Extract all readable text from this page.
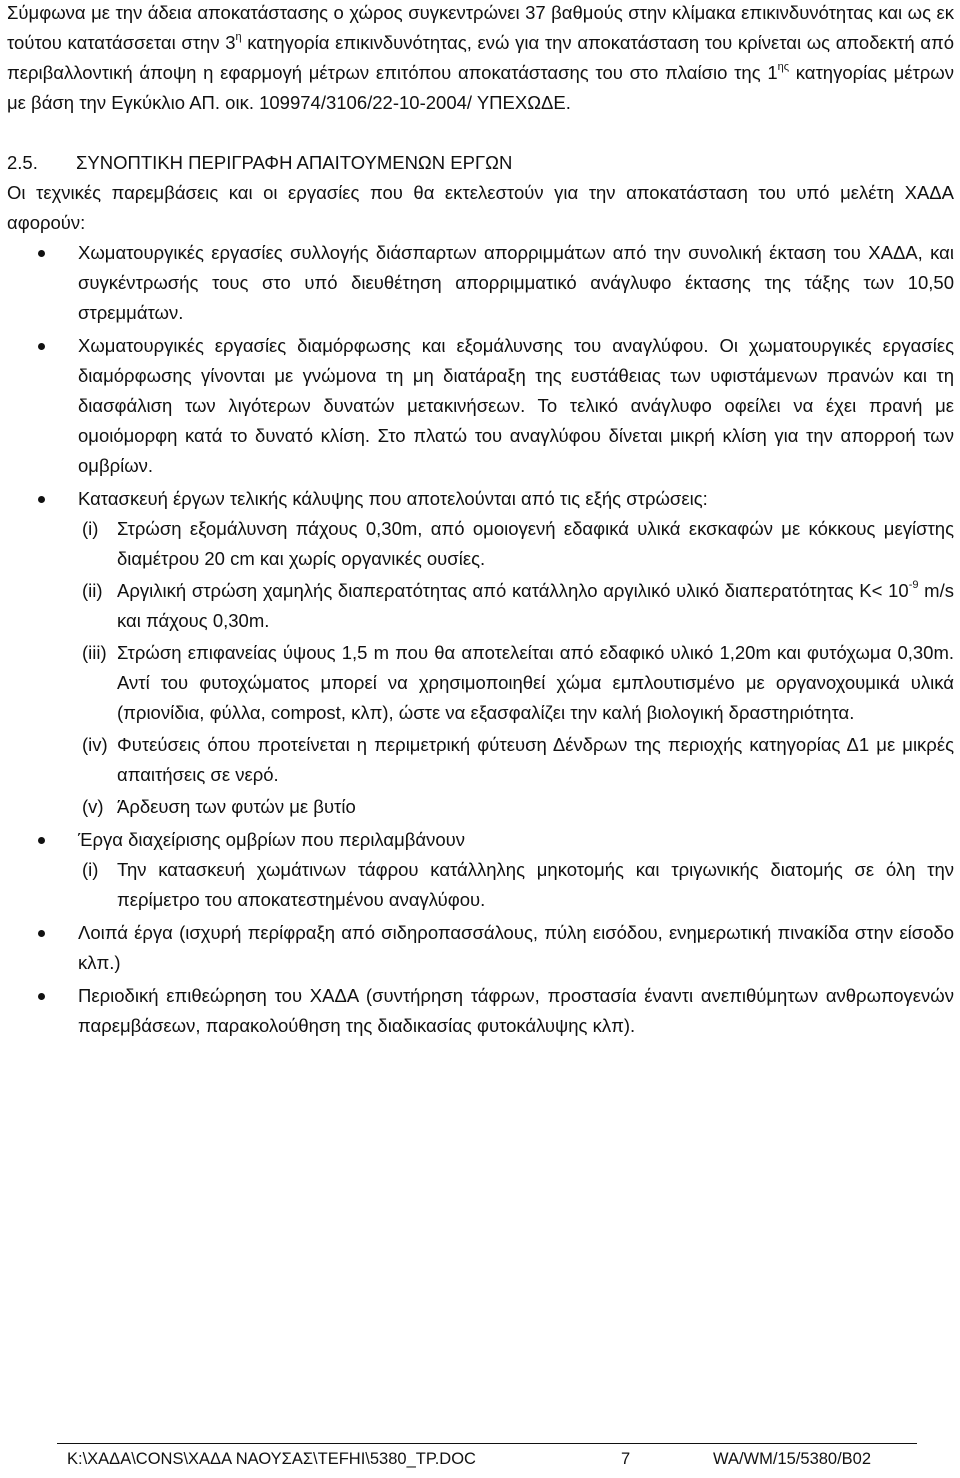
Σύμφωνα με την άδεια αποκατάστασης ο χώρος συγκεντρώνει 37 βαθμούς στην κλίμακα επικινδυνότητας και ως εκ τούτου κατατάσσεται στην $3^\eta$ κατηγορία επικινδυνότητας, ενώ για την αποκατάσταση του κρίνεται ως αποδεκτή από περιβαλλοντική άποψη η εφαρμογή μέτρων επιτόπου αποκατάστασης του στο πλαίσιο της $1^{\eta\varsigma}$ κατηγορίας μέτρων με βάση την Εγκύκλιο ΑΠ. οικ. 109974/3106/22-10-2004/ ΥΠΕΧΩΔΕ.
2.5. ΣΥΝΟΠΤΙΚΗ ΠΕΡΙΓΡΑΦΗ ΑΠΑΙΤΟΥΜΕΝΩΝ ΕΡΓΩΝ
Οι τεχνικές παρεμβάσεις και οι εργασίες που θα εκτελεστούν για την αποκατάσταση του υπό μελέτη ΧΑΔΑ αφορούν:
Χωματουργικές εργασίες συλλογής διάσπαρτων απορριμμάτων από την συνολική έκταση του ΧΑΔΑ, και συγκέντρωσής τους στο υπό διευθέτηση απορριμματικό ανάγλυφο έκτασης της τάξης των 10,50 στρεμμάτων.
Χωματουργικές εργασίες διαμόρφωσης και εξομάλυνσης του αναγλύφου. Οι χωματουργικές εργασίες διαμόρφωσης γίνονται με γνώμονα τη μη διατάραξη της ευστάθειας των υφιστάμενων πρανών και τη διασφάλιση των λιγότερων δυνατών μετακινήσεων. Το τελικό ανάγλυφο οφείλει να έχει πρανή με ομοιόμορφη κατά το δυνατό κλίση. Στο πλατώ του αναγλύφου δίνεται μικρή κλίση για την απορροή των ομβρίων.
Κατασκευή έργων τελικής κάλυψης που αποτελούνται από τις εξής στρώσεις:
(i) Στρώση εξομάλυνση πάχους 0,30m, από ομοιογενή εδαφικά υλικά εκσκαφών με κόκκους μεγίστης διαμέτρου 20 cm και χωρίς οργανικές ουσίες.
(ii) Αργιλική στρώση χαμηλής διαπερατότητας από κατάλληλο αργιλικό υλικό διαπερατότητας $K< 10^{-9}$ m/s και πάχους 0,30m.
(iii) Στρώση επιφανείας ύψους 1,5 m που θα αποτελείται από εδαφικό υλικό 1,20m και φυτόχωμα 0,30m. Αντί του φυτοχώματος μπορεί να χρησιμοποιηθεί χώμα εμπλουτισμένο με οργανοχουμικά υλικά (πριονίδια, φύλλα, compost, κλπ), ώστε να εξασφαλίζει την καλή βιολογική δραστηριότητα.
(iv) Φυτεύσεις όπου προτείνεται η περιμετρική φύτευση Δένδρων της περιοχής κατηγορίας Δ1 με μικρές απαιτήσεις σε νερό.
(v) Άρδευση των φυτών με βυτίο
Έργα διαχείρισης ομβρίων που περιλαμβάνουν
(i) Την κατασκευή χωμάτινων τάφρου κατάλληλης μηκοτομής και τριγωνικής διατομής σε όλη την περίμετρο του αποκατεστημένου αναγλύφου.
Λοιπά έργα (ισχυρή περίφραξη από σιδηροπασσάλους, πύλη εισόδου, ενημερωτική πινακίδα στην είσοδο κλπ.)
Περιοδική επιθεώρηση του ΧΑΔΑ (συντήρηση τάφρων, προστασία έναντι ανεπιθύμητων ανθρωπογενών παρεμβάσεων, παρακολούθηση της διαδικασίας φυτοκάλυψης κλπ).
K:\ΧΑΔΑ\CONS\ΧΑΔΑ ΝΑΟΥΣΑΣ\TEFHI\5380_TP.DOC	7	WA/WM/15/5380/B02
